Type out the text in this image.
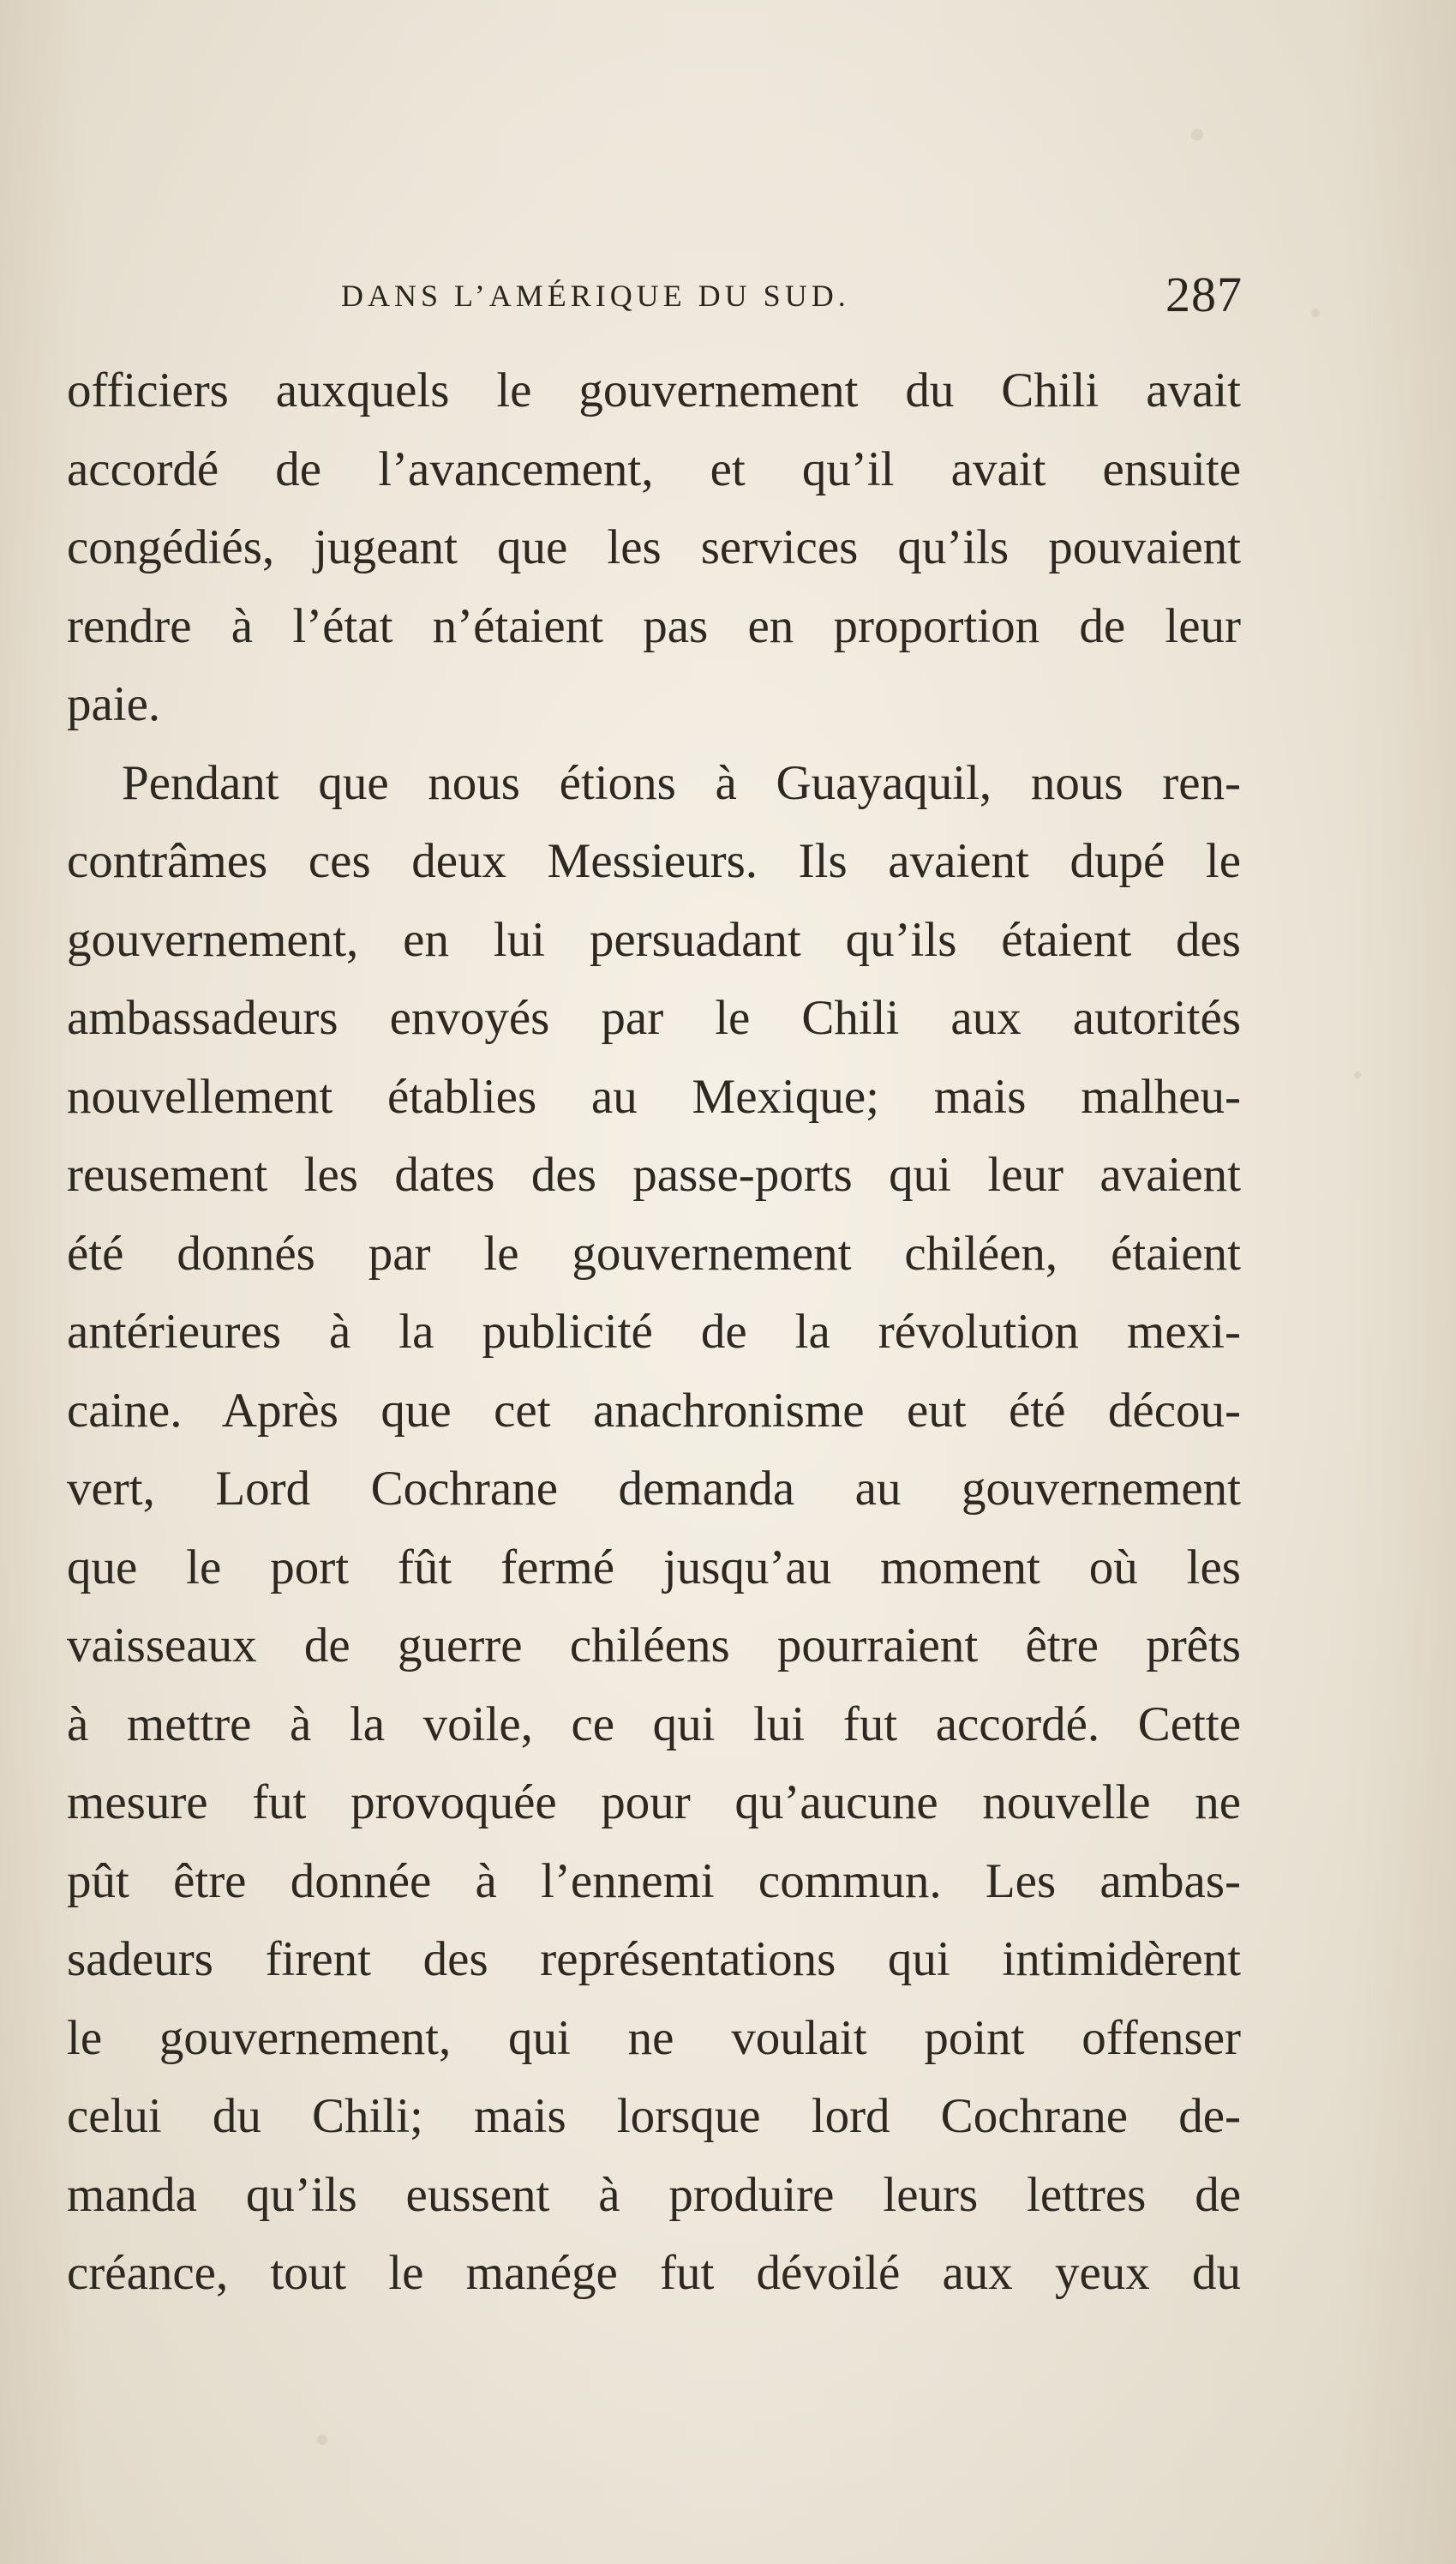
DANS L’AMÉRIQUE DU SUD.	287
officiers auxquels le gouvernement du Chili avait
accordé de l’avancement, et qu’il avait ensuite
congédiés, jugeant que les services qu’ils pouvaient
rendre à l’état n’étaient pas en proportion de leur
paie.
Pendant que nous étions à Guayaquil, nous ren-
contrâmes ces deux Messieurs. Ils avaient dupé le
gouvernement, en lui persuadant qu’ils étaient des
ambassadeurs envoyés par le Chili aux autorités
nouvellement établies au Mexique; mais malheu-
reusement les dates des passe-ports qui leur avaient
été donnés par le gouvernement chiléen, étaient
antérieures à la publicité de la révolution mexi-
caine. Après que cet anachronisme eut été décou-
vert, Lord Cochrane demanda au gouvernement
que le port fût fermé jusqu’au moment où les
vaisseaux de guerre chiléens pourraient être prêts
à mettre à la voile, ce qui lui fut accordé. Cette
mesure fut provoquée pour qu’aucune nouvelle ne
pût être donnée à l’ennemi commun. Les ambas-
sadeurs firent des représentations qui intimidèrent
le gouvernement, qui ne voulait point offenser
celui du Chili; mais lorsque lord Cochrane de-
manda qu’ils eussent à produire leurs lettres de
créance, tout le manége fut dévoilé aux yeux du
